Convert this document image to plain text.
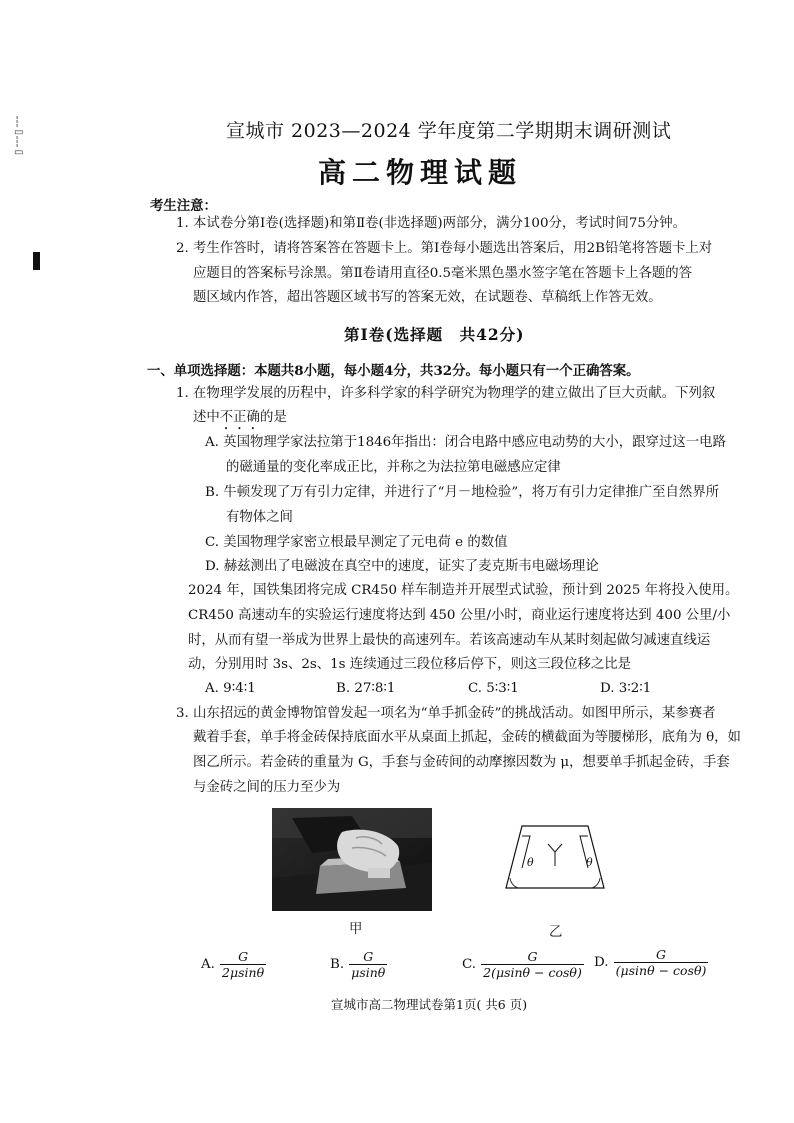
┆
▭
┆
▭
宣城市 2023—2024 学年度第二学期期末调研测试
高二物理试题
考生注意：
1. 本试卷分第Ⅰ卷(选择题)和第Ⅱ卷(非选择题)两部分，满分100分，考试时间75分钟。
2. 考生作答时，请将答案答在答题卡上。第Ⅰ卷每小题选出答案后，用2B铅笔将答题卡上对
应题目的答案标号涂黑。第Ⅱ卷请用直径0.5毫米黑色墨水签字笔在答题卡上各题的答
题区域内作答，超出答题区域书写的答案无效，在试题卷、草稿纸上作答无效。
第Ⅰ卷(选择题　共42分)
一、单项选择题：本题共8小题，每小题4分，共32分。每小题只有一个正确答案。
1. 在物理学发展的历程中，许多科学家的科学研究为物理学的建立做出了巨大贡献。下列叙
述中不正确的是
A. 英国物理学家法拉第于1846年指出：闭合电路中感应电动势的大小，跟穿过这一电路
的磁通量的变化率成正比，并称之为法拉第电磁感应定律
B. 牛顿发现了万有引力定律，并进行了“月－地检验”，将万有引力定律推广至自然界所
有物体之间
C. 美国物理学家密立根最早测定了元电荷 e 的数值
D. 赫兹测出了电磁波在真空中的速度，证实了麦克斯韦电磁场理论
2024 年，国铁集团将完成 CR450 样车制造并开展型式试验，预计到 2025 年将投入使用。
CR450 高速动车的实验运行速度将达到 450 公里/小时，商业运行速度将达到 400 公里/小
时，从而有望一举成为世界上最快的高速列车。若该高速动车从某时刻起做匀减速直线运
动，分别用时 3s、2s、1s 连续通过三段位移后停下，则这三段位移之比是
A. 9∶4∶1	B. 27∶8∶1	C. 5∶3∶1	D. 3∶2∶1
3. 山东招远的黄金博物馆曾发起一项名为“单手抓金砖”的挑战活动。如图甲所示，某参赛者
戴着手套，单手将金砖保持底面水平从桌面上抓起，金砖的横截面为等腰梯形，底角为 θ，如
图乙所示。若金砖的重量为 G，手套与金砖间的动摩擦因数为 μ，想要单手抓起金砖，手套
与金砖之间的压力至少为
甲
θ	θ
乙
A. $\frac{G}{2\mu\sin\theta}$	B. $\frac{G}{\mu\sin\theta}$	C. $\frac{G}{2(\mu\sin\theta - \cos\theta)} D$. $\frac{G}{(\mu\sin\theta - \cos\theta)}$
宣城市高二物理试卷第1页( 共6 页)
